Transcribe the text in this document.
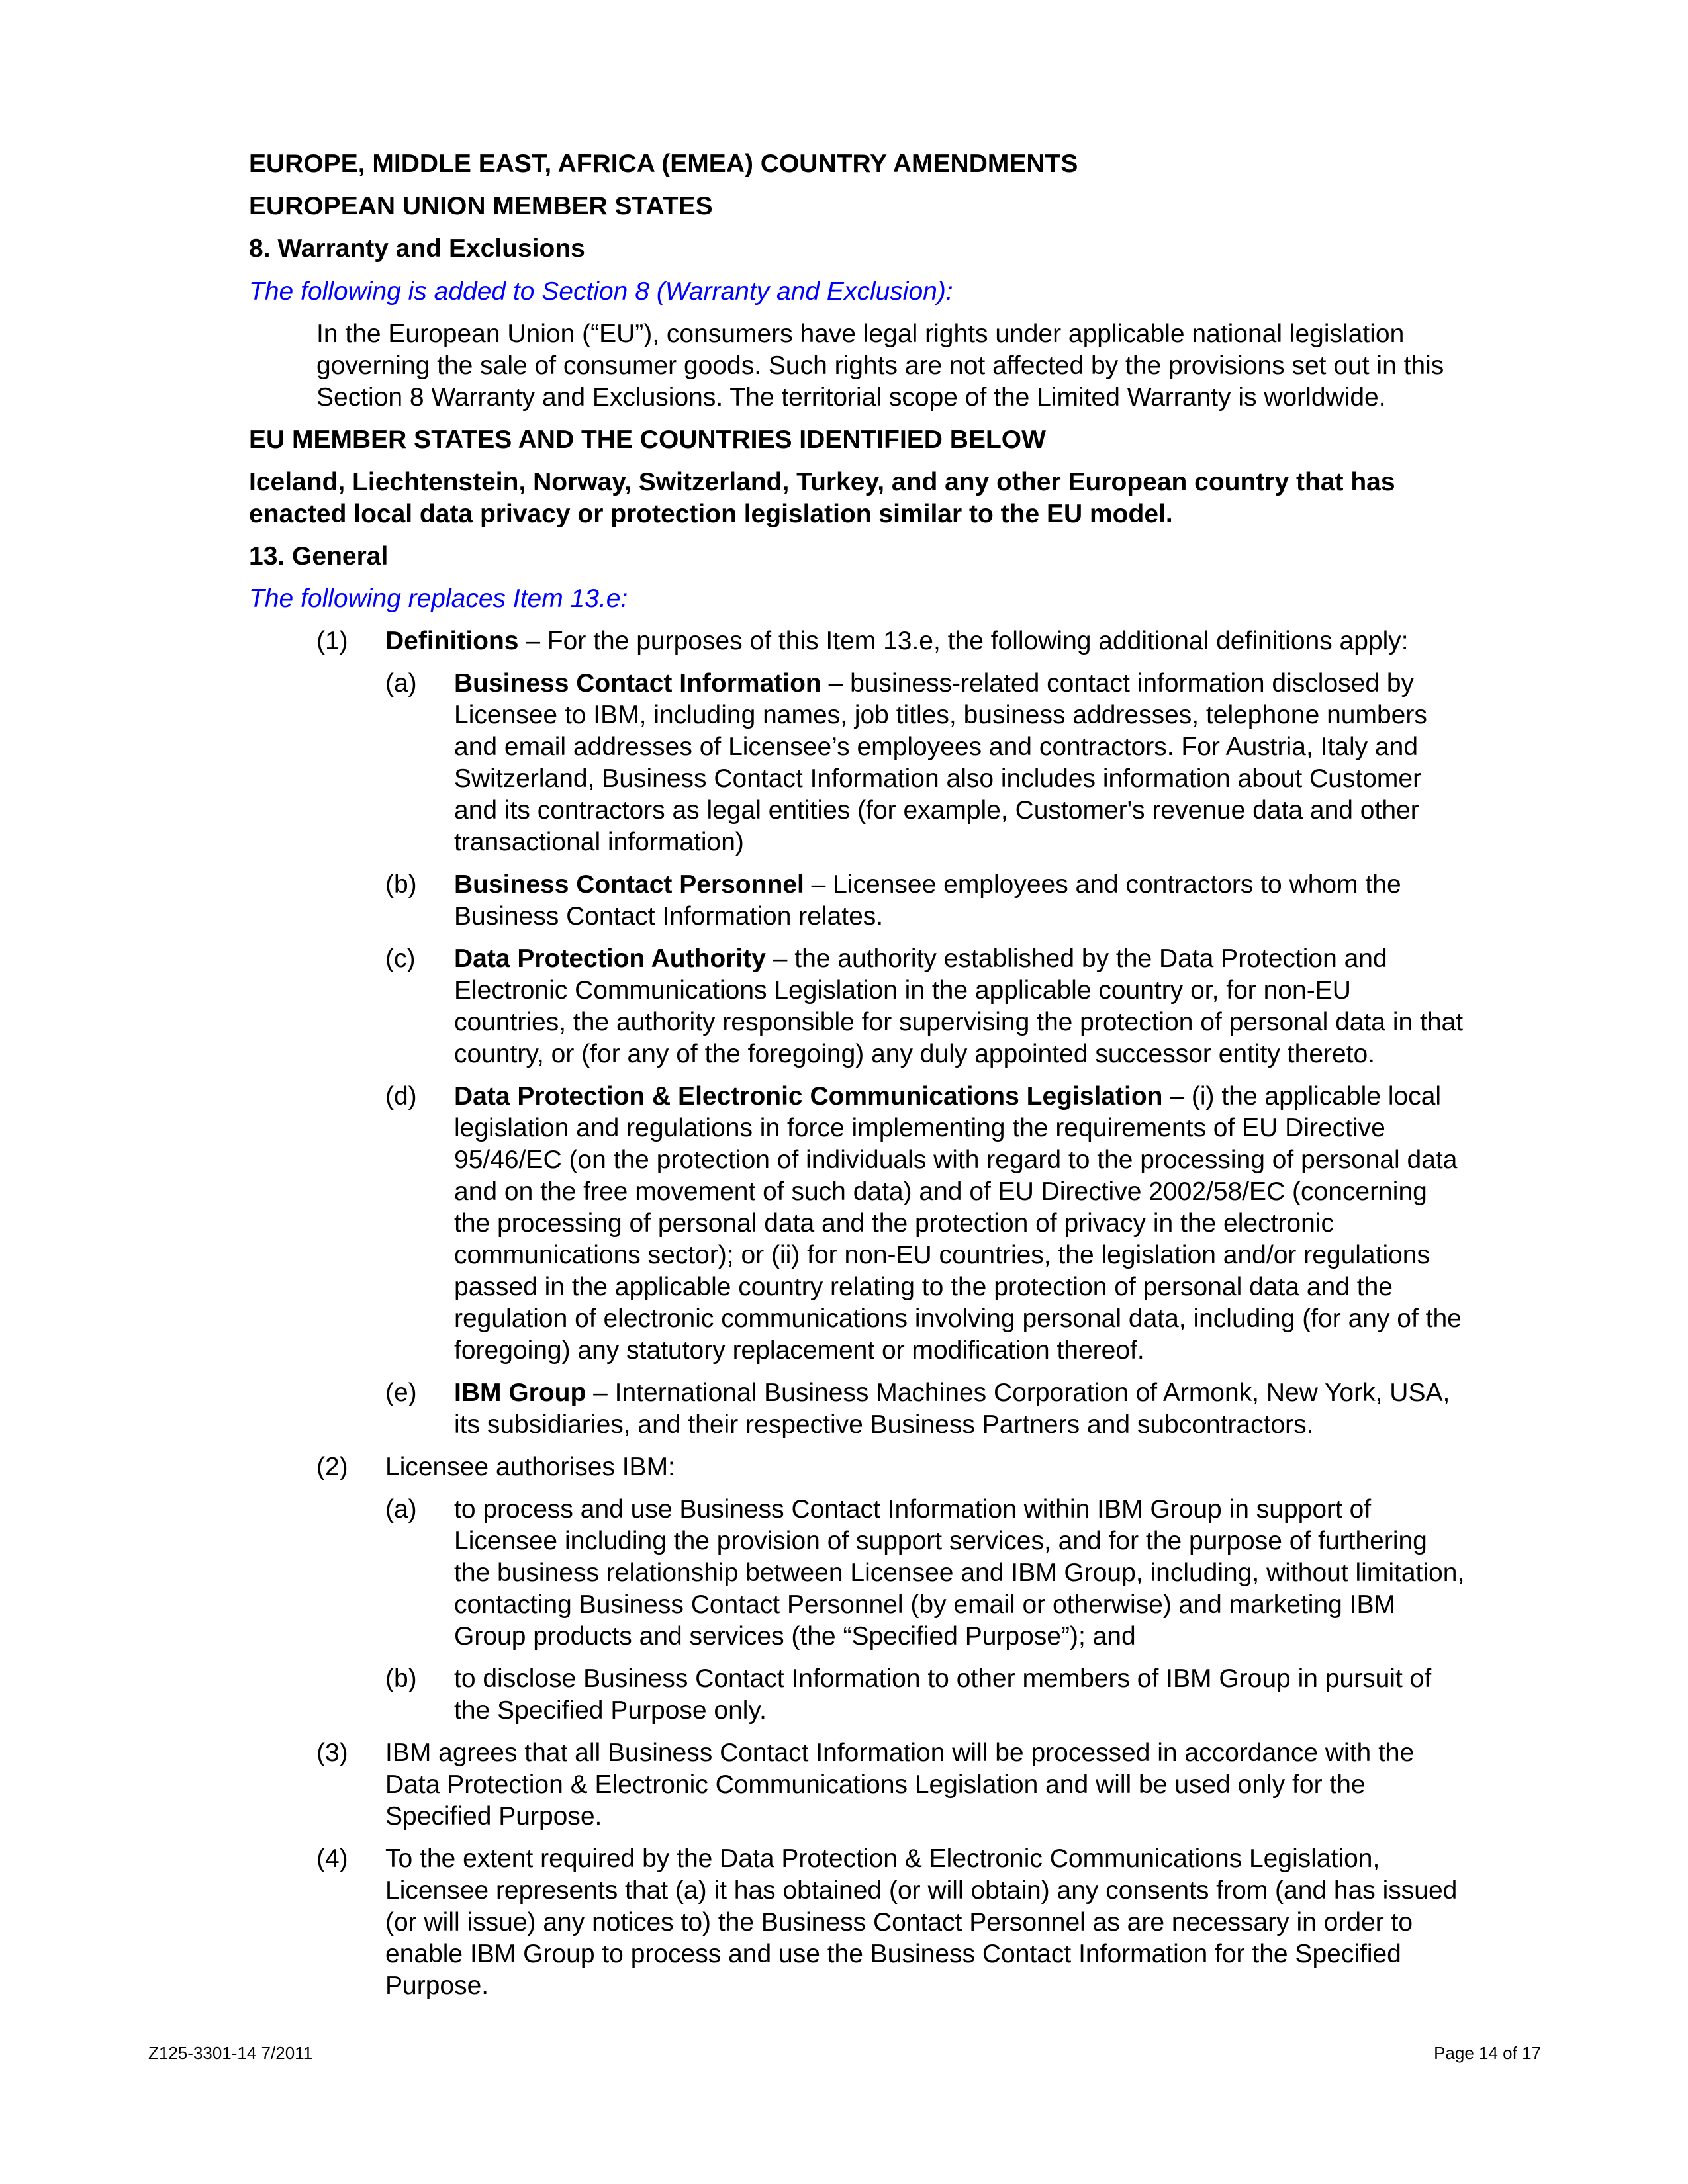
EUROPE, MIDDLE EAST, AFRICA (EMEA) COUNTRY AMENDMENTS
EUROPEAN UNION MEMBER STATES
8. Warranty and Exclusions
The following is added to Section 8 (Warranty and Exclusion):
In the European Union (“EU”), consumers have legal rights under applicable national legislation
governing the sale of consumer goods. Such rights are not affected by the provisions set out in this
Section 8 Warranty and Exclusions. The territorial scope of the Limited Warranty is worldwide.
EU MEMBER STATES AND THE COUNTRIES IDENTIFIED BELOW
Iceland, Liechtenstein, Norway, Switzerland, Turkey, and any other European country that has
enacted local data privacy or protection legislation similar to the EU model.
13. General
The following replaces Item 13.e:
(1) Definitions – For the purposes of this Item 13.e, the following additional definitions apply:
(a) Business Contact Information – business-related contact information disclosed by
Licensee to IBM, including names, job titles, business addresses, telephone numbers
and email addresses of Licensee’s employees and contractors. For Austria, Italy and
Switzerland, Business Contact Information also includes information about Customer
and its contractors as legal entities (for example, Customer's revenue data and other
transactional information)
(b) Business Contact Personnel – Licensee employees and contractors to whom the
Business Contact Information relates.
(c) Data Protection Authority – the authority established by the Data Protection and
Electronic Communications Legislation in the applicable country or, for non-EU
countries, the authority responsible for supervising the protection of personal data in that
country, or (for any of the foregoing) any duly appointed successor entity thereto.
(d) Data Protection & Electronic Communications Legislation – (i) the applicable local
legislation and regulations in force implementing the requirements of EU Directive
95/46/EC (on the protection of individuals with regard to the processing of personal data
and on the free movement of such data) and of EU Directive 2002/58/EC (concerning
the processing of personal data and the protection of privacy in the electronic
communications sector); or (ii) for non-EU countries, the legislation and/or regulations
passed in the applicable country relating to the protection of personal data and the
regulation of electronic communications involving personal data, including (for any of the
foregoing) any statutory replacement or modification thereof.
(e) IBM Group – International Business Machines Corporation of Armonk, New York, USA,
its subsidiaries, and their respective Business Partners and subcontractors.
(2) Licensee authorises IBM:
(a) to process and use Business Contact Information within IBM Group in support of
Licensee including the provision of support services, and for the purpose of furthering
the business relationship between Licensee and IBM Group, including, without limitation,
contacting Business Contact Personnel (by email or otherwise) and marketing IBM
Group products and services (the “Specified Purpose”); and
(b) to disclose Business Contact Information to other members of IBM Group in pursuit of
the Specified Purpose only.
(3) IBM agrees that all Business Contact Information will be processed in accordance with the
Data Protection & Electronic Communications Legislation and will be used only for the
Specified Purpose.
(4) To the extent required by the Data Protection & Electronic Communications Legislation,
Licensee represents that (a) it has obtained (or will obtain) any consents from (and has issued
(or will issue) any notices to) the Business Contact Personnel as are necessary in order to
enable IBM Group to process and use the Business Contact Information for the Specified
Purpose.
Z125-3301-14 7/2011	Page 14 of 17
